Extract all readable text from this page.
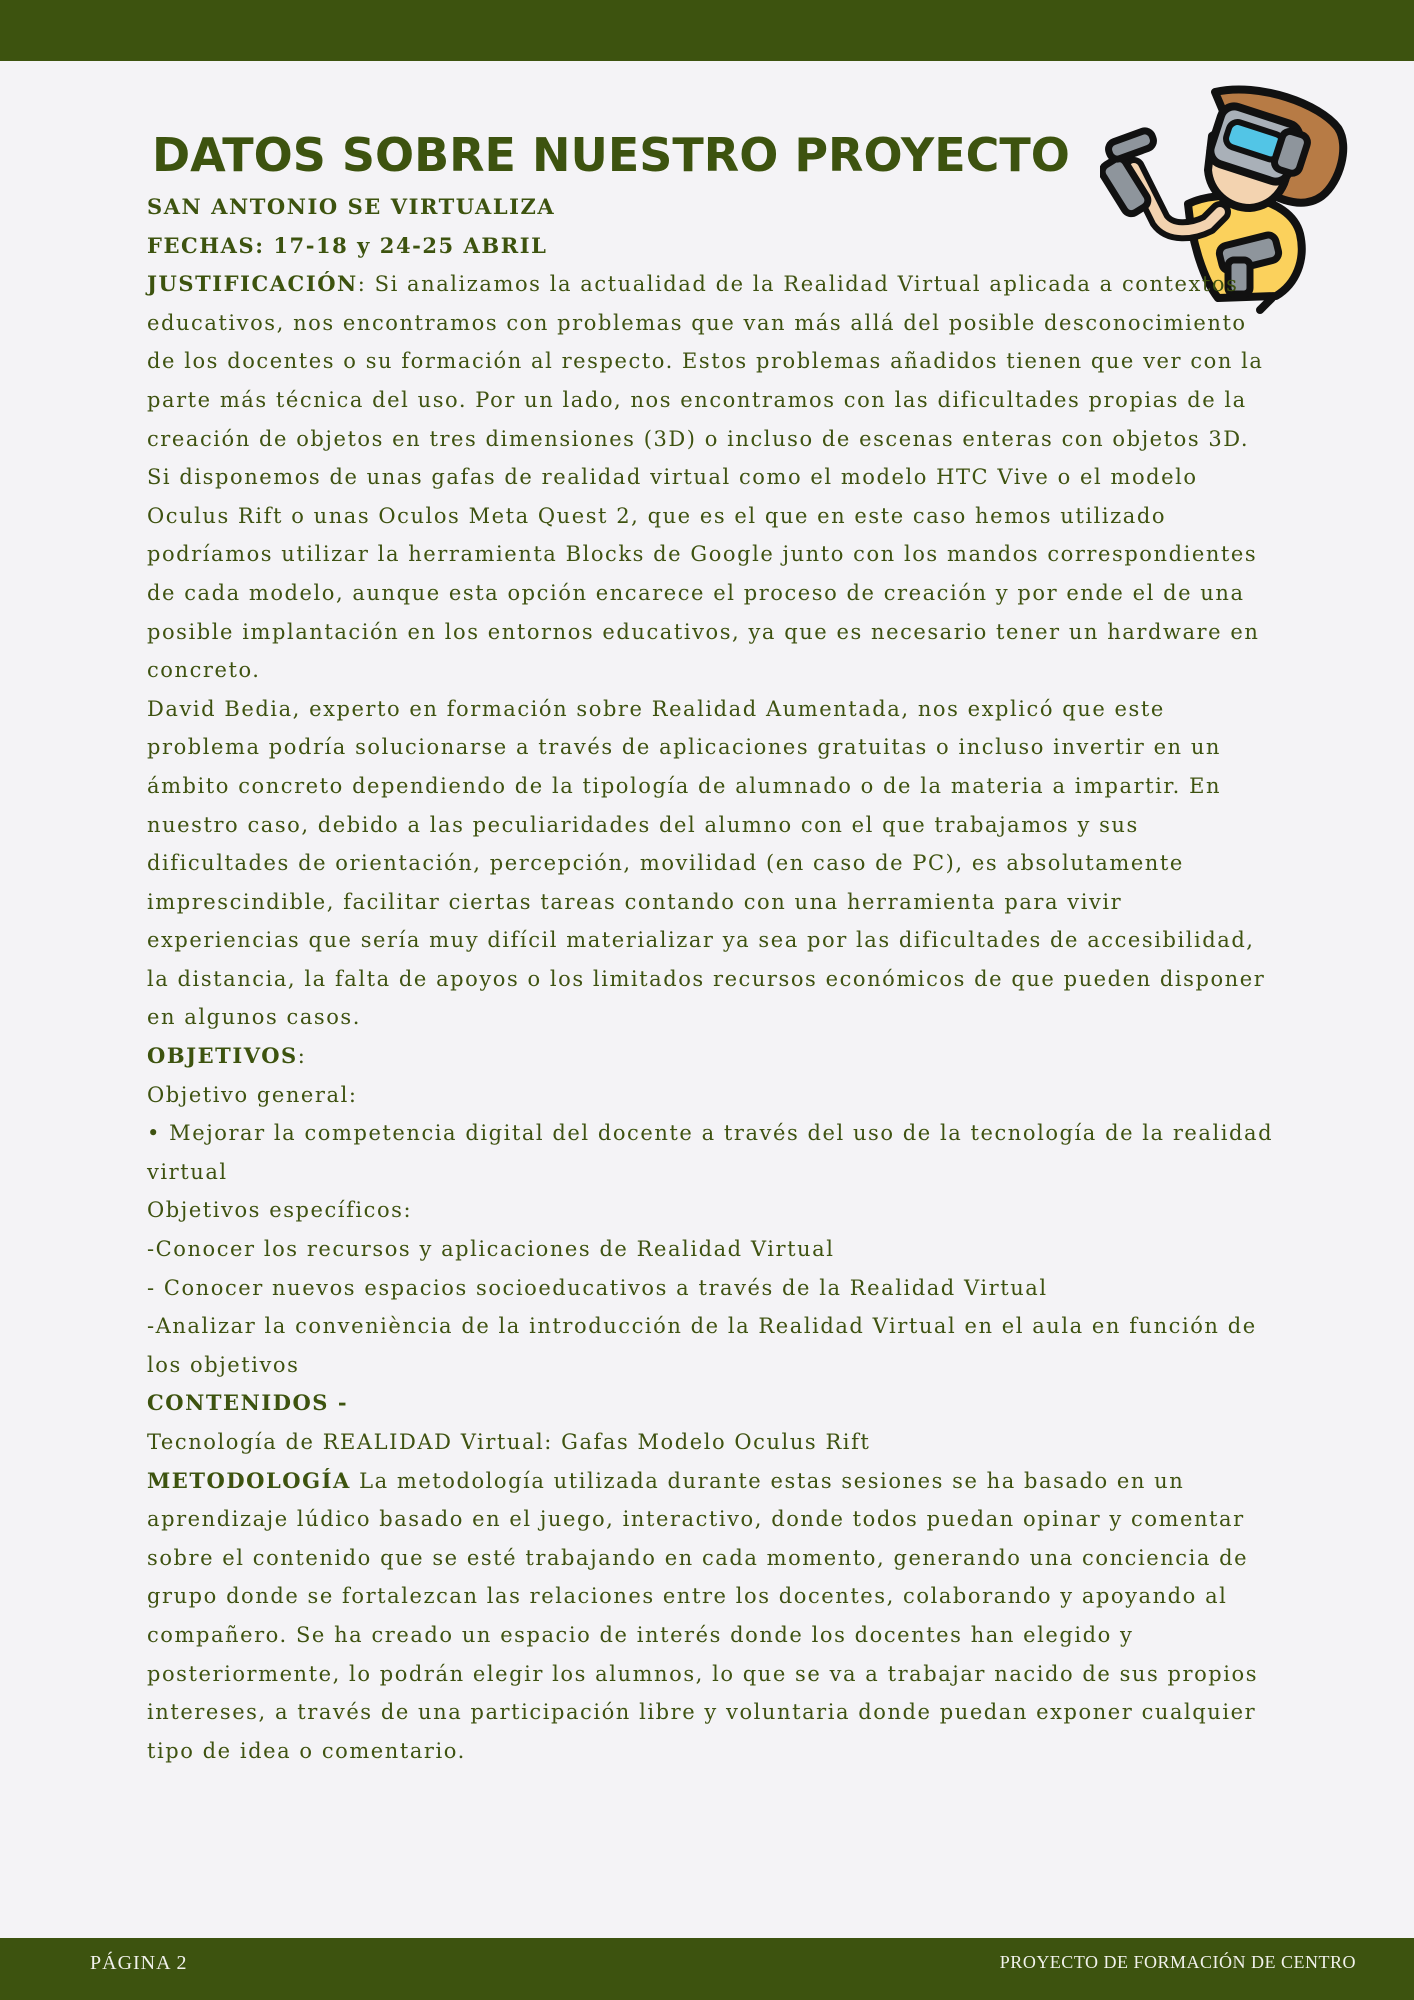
DATOS SOBRE NUESTRO PROYECTO

SAN ANTONIO SE VIRTUALIZA

FECHAS: 17-18 y 24-25 ABRIL

JUSTIFICACIÓN: Si analizamos la actualidad de la Realidad Virtual aplicada a contextos educativos, nos encontramos con problemas que van más allá del posible desconocimiento de los docentes o su formación al respecto. Estos problemas añadidos tienen que ver con la parte más técnica del uso. Por un lado, nos encontramos con las dificultades propias de la creación de objetos en tres dimensiones (3D) o incluso de escenas enteras con objetos 3D. Si disponemos de unas gafas de realidad virtual como el modelo HTC Vive o el modelo Oculus Rift o unas Oculos Meta Quest 2, que es el que en este caso hemos utilizado podríamos utilizar la herramienta Blocks de Google junto con los mandos correspondientes de cada modelo, aunque esta opción encarece el proceso de creación y por ende el de una posible implantación en los entornos educativos, ya que es necesario tener un hardware en concreto.

David Bedia, experto en formación sobre Realidad Aumentada, nos explicó que este problema podría solucionarse a través de aplicaciones gratuitas o incluso invertir en un ámbito concreto dependiendo de la tipología de alumnado o de la materia a impartir. En nuestro caso, debido a las peculiaridades del alumno con el que trabajamos y sus dificultades de orientación, percepción, movilidad (en caso de PC), es absolutamente imprescindible, facilitar ciertas tareas contando con una herramienta para vivir experiencias que sería muy difícil materializar ya sea por las dificultades de accesibilidad, la distancia, la falta de apoyos o los limitados recursos económicos de que pueden disponer en algunos casos.

OBJETIVOS:

Objetivo general:

• Mejorar la competencia digital del docente a través del uso de la tecnología de la realidad virtual

Objetivos específicos:

-Conocer los recursos y aplicaciones de Realidad Virtual

- Conocer nuevos espacios socioeducativos a través de la Realidad Virtual

-Analizar la conveniència de la introducción de la Realidad Virtual en el aula en función de los objetivos

CONTENIDOS -

Tecnología de REALIDAD Virtual: Gafas Modelo Oculus Rift

METODOLOGÍA La metodología utilizada durante estas sesiones se ha basado en un aprendizaje lúdico basado en el juego, interactivo, donde todos puedan opinar y comentar sobre el contenido que se esté trabajando en cada momento, generando una conciencia de grupo donde se fortalezcan las relaciones entre los docentes, colaborando y apoyando al compañero. Se ha creado un espacio de interés donde los docentes han elegido y posteriormente, lo podrán elegir los alumnos, lo que se va a trabajar nacido de sus propios intereses, a través de una participación libre y voluntaria donde puedan exponer cualquier tipo de idea o comentario.

PÁGINA 2	PROYECTO DE FORMACIÓN DE CENTRO
